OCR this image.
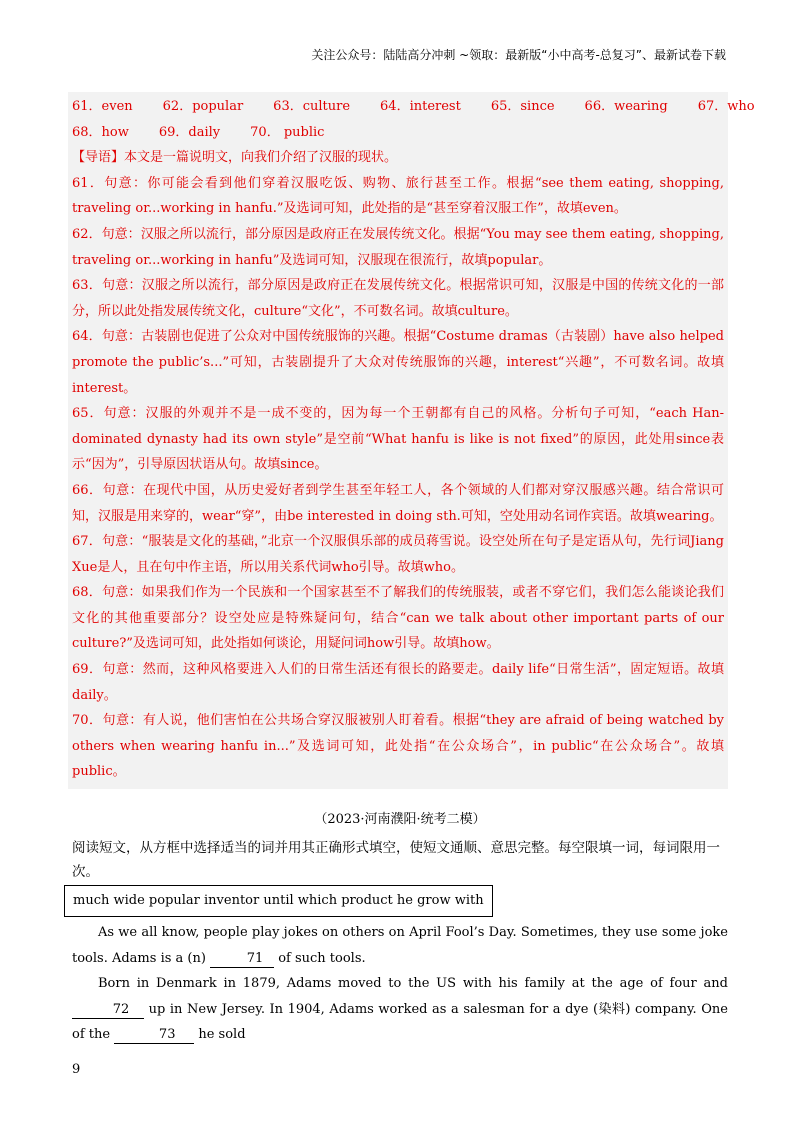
关注公众号：陆陆高分冲刺 ~领取：最新版“小中高考-总复习”、最新试卷下载
61．even 62．popular 63．culture 64．interest 65．since 66．wearing 67．who
68．how 69．daily 70． public
【导语】本文是一篇说明文，向我们介绍了汉服的现状。
61．句意：你可能会看到他们穿着汉服吃饭、购物、旅行甚至工作。根据“see them eating, shopping, traveling or...working in hanfu.”及选词可知，此处指的是“甚至穿着汉服工作”，故填even。
62．句意：汉服之所以流行，部分原因是政府正在发展传统文化。根据“You may see them eating, shopping, traveling or...working in hanfu”及选词可知，汉服现在很流行，故填popular。
63．句意：汉服之所以流行，部分原因是政府正在发展传统文化。根据常识可知，汉服是中国的传统文化的一部分，所以此处指发展传统文化，culture“文化”，不可数名词。故填culture。
64．句意：古装剧也促进了公众对中国传统服饰的兴趣。根据“Costume dramas（古装剧）have also helped promote the public’s...”可知，古装剧提升了大众对传统服饰的兴趣，interest“兴趣”，不可数名词。故填interest。
65．句意：汉服的外观并不是一成不变的，因为每一个王朝都有自己的风格。分析句子可知，“each Han-dominated dynasty had its own style”是空前“What hanfu is like is not fixed”的原因，此处用since表示“因为”，引导原因状语从句。故填since。
66．句意：在现代中国，从历史爱好者到学生甚至年轻工人，各个领域的人们都对穿汉服感兴趣。结合常识可知，汉服是用来穿的，wear“穿”，由be interested in doing sth.可知，空处用动名词作宾语。故填wearing。
67．句意：“服装是文化的基础，”北京一个汉服俱乐部的成员蒋雪说。设空处所在句子是定语从句，先行词Jiang Xue是人，且在句中作主语，所以用关系代词who引导。故填who。
68．句意：如果我们作为一个民族和一个国家甚至不了解我们的传统服装，或者不穿它们，我们怎么能谈论我们文化的其他重要部分？设空处应是特殊疑问句，结合“can we talk about other important parts of our culture?”及选词可知，此处指如何谈论，用疑问词how引导。故填how。
69．句意：然而，这种风格要进入人们的日常生活还有很长的路要走。daily life“日常生活”，固定短语。故填daily。
70．句意：有人说，他们害怕在公共场合穿汉服被别人盯着看。根据“they are afraid of being watched by others when wearing hanfu in...”及选词可知，此处指“在公众场合”，in public“在公众场合”。故填public。
（2023·河南濮阳·统考二模）
阅读短文，从方框中选择适当的词并用其正确形式填空，使短文通顺、意思完整。每空限填一词，每词限用一次。
much wide popular inventor until which product he grow with

As we all know, people play jokes on others on April Fool’s Day. Sometimes, they use some joke tools. Adams is a (n)	71 of such tools.

Born in Denmark in 1879, Adams moved to the US with his family at the age of four and 72 up in New Jersey. In 1904, Adams worked as a salesman for a dye (染料) company. One of the	73 he sold

9
